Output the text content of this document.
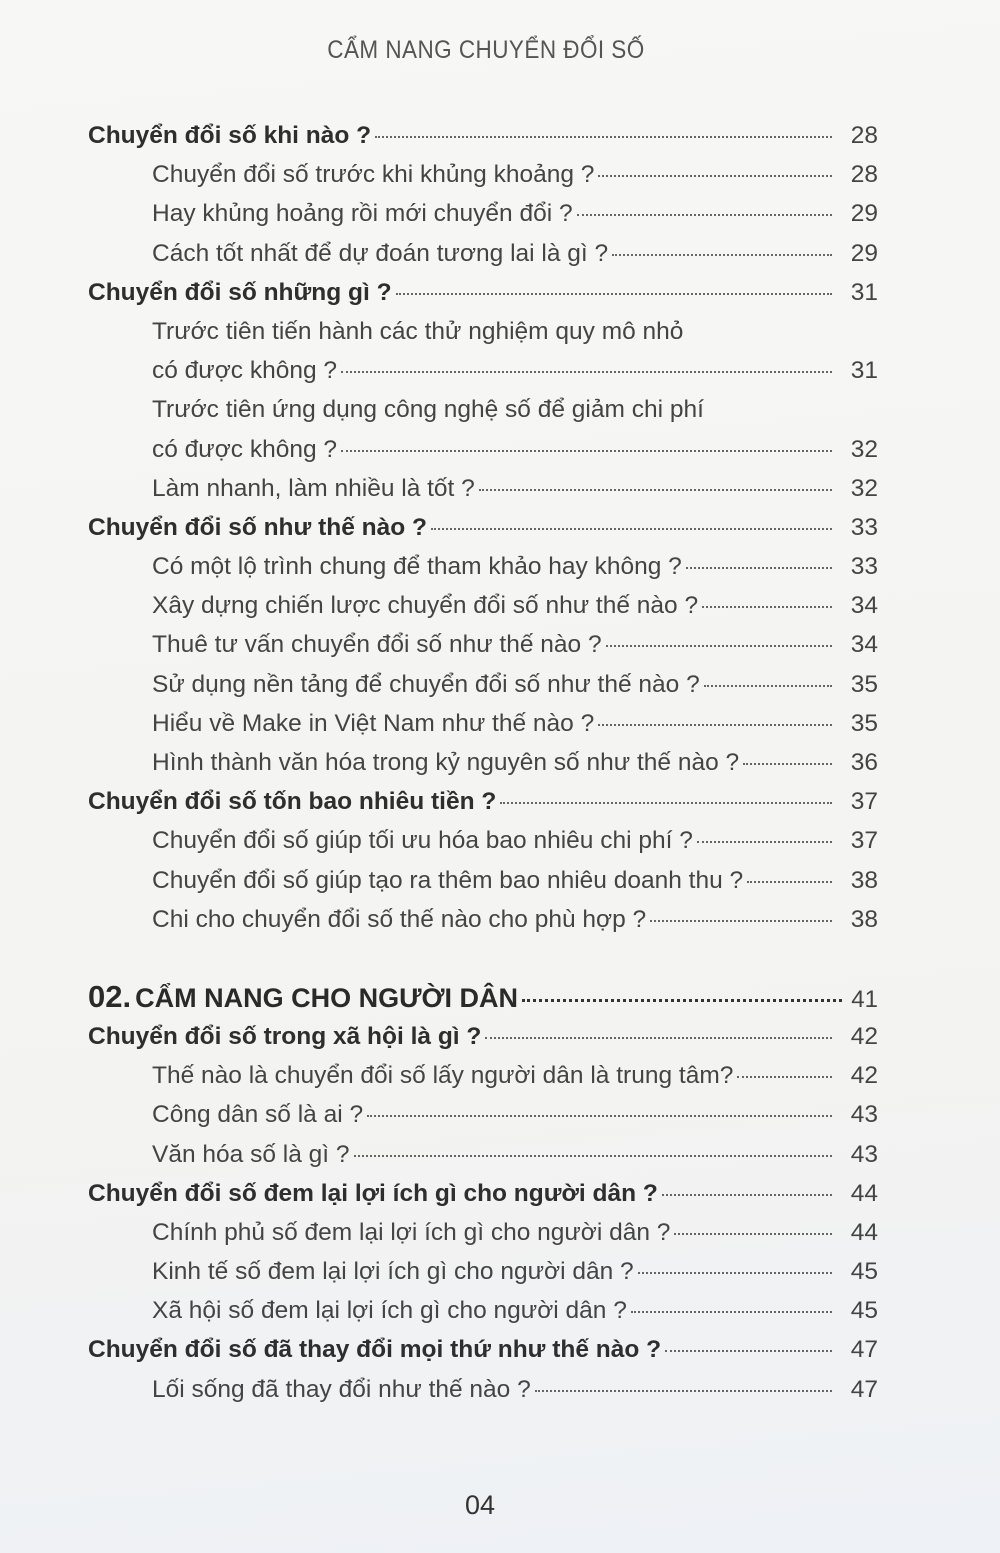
CẨM NANG CHUYỂN ĐỔI SỐ
Chuyển đổi số khi nào ?	28
Chuyển đổi số trước khi khủng khoảng ?	28
Hay khủng hoảng rồi mới chuyển đổi ?	29
Cách tốt nhất để dự đoán tương lai là gì ?	29
Chuyển đổi số những gì ?	31
Trước tiên tiến hành các thử nghiệm quy mô nhỏ
có được không ?	31
Trước tiên ứng dụng công nghệ số để giảm chi phí
có được không ?	32
Làm nhanh, làm nhiều là tốt ?	32
Chuyển đổi số như thế nào ?	33
Có một lộ trình chung để tham khảo hay không ?	33
Xây dựng chiến lược chuyển đổi số như thế nào ?	34
Thuê tư vấn chuyển đổi số như thế nào ?	34
Sử dụng nền tảng để chuyển đổi số như thế nào ?	35
Hiểu về Make in Việt Nam như thế nào ?	35
Hình thành văn hóa trong kỷ nguyên số như thế nào ?	36
Chuyển đổi số tốn bao nhiêu tiền ?	37
Chuyển đổi số giúp tối ưu hóa bao nhiêu chi phí ?	37
Chuyển đổi số giúp tạo ra thêm bao nhiêu doanh thu ?	38
Chi cho chuyển đổi số thế nào cho phù hợp ?	38
02. CẨM NANG CHO NGƯỜI DÂN	41
Chuyển đổi số trong xã hội là gì ?	42
Thế nào là chuyển đổi số lấy người dân là trung tâm?	42
Công dân số là ai ?	43
Văn hóa số là gì ?	43
Chuyển đổi số đem lại lợi ích gì cho người dân ?	44
Chính phủ số đem lại lợi ích gì cho người dân ?	44
Kinh tế số đem lại lợi ích gì cho người dân ?	45
Xã hội số đem lại lợi ích gì cho người dân ?	45
Chuyển đổi số đã thay đổi mọi thứ như thế nào ?	47
Lối sống đã thay đổi như thế nào ?	47
04
